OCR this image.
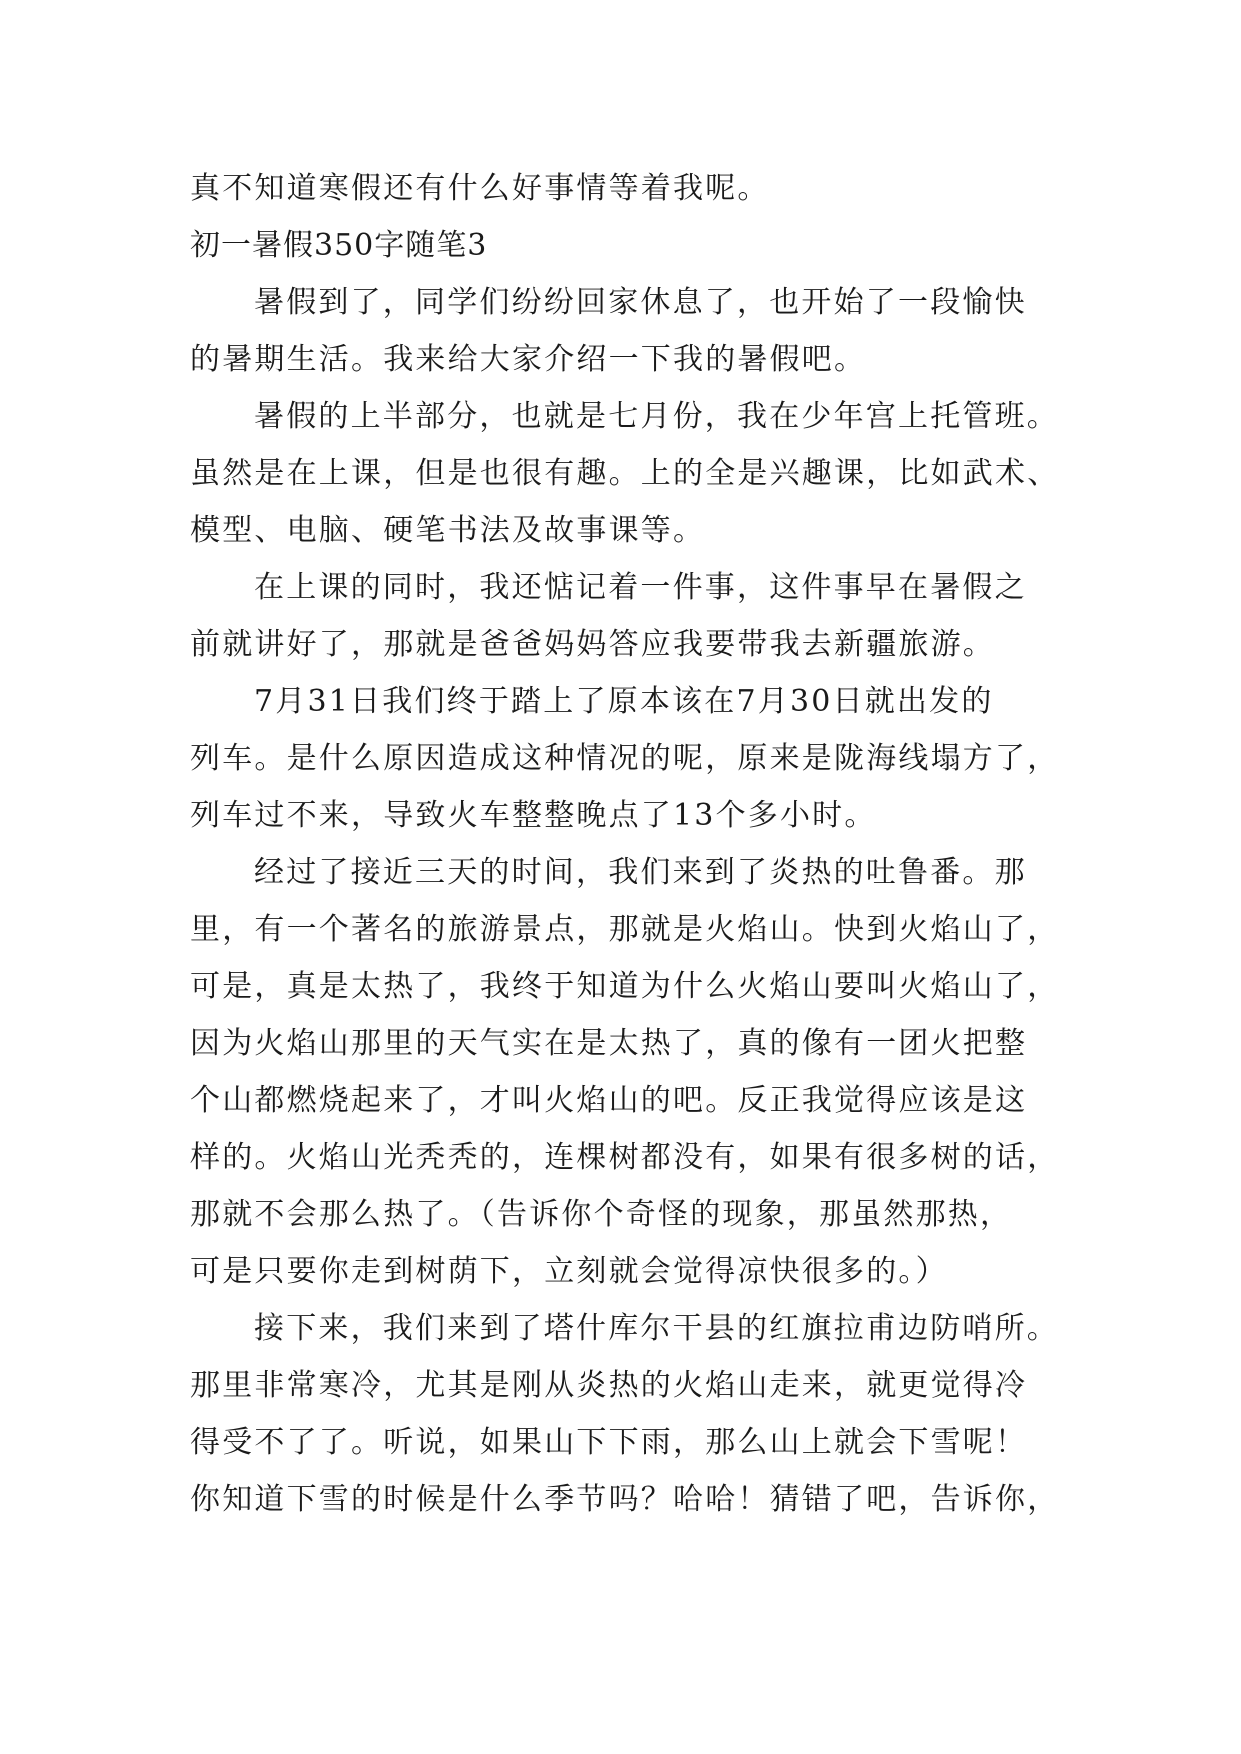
真不知道寒假还有什么好事情等着我呢。
初一暑假350字随笔3
暑假到了，同学们纷纷回家休息了，也开始了一段愉快
的暑期生活。我来给大家介绍一下我的暑假吧。
暑假的上半部分，也就是七月份，我在少年宫上托管班。
虽然是在上课，但是也很有趣。上的全是兴趣课，比如武术、
模型、电脑、硬笔书法及故事课等。
在上课的同时，我还惦记着一件事，这件事早在暑假之
前就讲好了，那就是爸爸妈妈答应我要带我去新疆旅游。
7月31日我们终于踏上了原本该在7月30日就出发的
列车。是什么原因造成这种情况的呢，原来是陇海线塌方了，
列车过不来，导致火车整整晚点了13个多小时。
经过了接近三天的时间，我们来到了炎热的吐鲁番。那
里，有一个著名的旅游景点，那就是火焰山。快到火焰山了，
可是，真是太热了，我终于知道为什么火焰山要叫火焰山了，
因为火焰山那里的天气实在是太热了，真的像有一团火把整
个山都燃烧起来了，才叫火焰山的吧。反正我觉得应该是这
样的。火焰山光秃秃的，连棵树都没有，如果有很多树的话，
那就不会那么热了。（告诉你个奇怪的现象，那虽然那热，
可是只要你走到树荫下，立刻就会觉得凉快很多的。）
接下来，我们来到了塔什库尔干县的红旗拉甫边防哨所。
那里非常寒冷，尤其是刚从炎热的火焰山走来，就更觉得冷
得受不了了。听说，如果山下下雨，那么山上就会下雪呢！
你知道下雪的时候是什么季节吗？哈哈！猜错了吧，告诉你，
